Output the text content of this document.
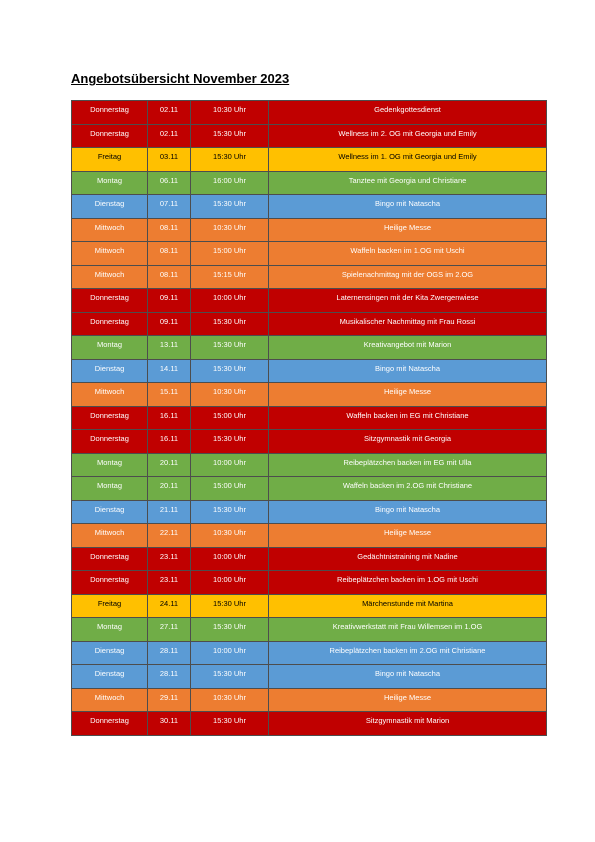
Angebotsübersicht November 2023
Donnerstag	02.11	10:30 Uhr	Gedenkgottesdienst
Donnerstag	02.11	15:30 Uhr	Wellness im 2. OG mit Georgia und Emily
Freitag	03.11	15:30 Uhr	Wellness im 1. OG mit Georgia und Emily
Montag	06.11	16:00 Uhr	Tanztee mit Georgia und Christiane
Dienstag	07.11	15:30 Uhr	Bingo mit Natascha
Mittwoch	08.11	10:30 Uhr	Heilige Messe
Mittwoch	08.11	15:00 Uhr	Waffeln backen im 1.OG mit Uschi
Mittwoch	08.11	15:15 Uhr	Spielenachmittag mit der OGS im 2.OG
Donnerstag	09.11	10:00 Uhr	Laternensingen mit der Kita Zwergenwiese
Donnerstag	09.11	15:30 Uhr	Musikalischer Nachmittag mit Frau Rossi
Montag	13.11	15:30 Uhr	Kreativangebot mit Marion
Dienstag	14.11	15:30 Uhr	Bingo mit Natascha
Mittwoch	15.11	10:30 Uhr	Heilige Messe
Donnerstag	16.11	15:00 Uhr	Waffeln backen im EG mit Christiane
Donnerstag	16.11	15:30 Uhr	Sitzgymnastik mit Georgia
Montag	20.11	10:00 Uhr	Reibeplätzchen backen im EG mit Ulla
Montag	20.11	15:00 Uhr	Waffeln backen im 2.OG mit Christiane
Dienstag	21.11	15:30 Uhr	Bingo mit Natascha
Mittwoch	22.11	10:30 Uhr	Heilige Messe
Donnerstag	23.11	10:00 Uhr	Gedächtnistraining mit Nadine
Donnerstag	23.11	10:00 Uhr	Reibeplätzchen backen im 1.OG mit Uschi
Freitag	24.11	15:30 Uhr	Märchenstunde mit Martina
Montag	27.11	15:30 Uhr	Kreativwerkstatt mit Frau Willemsen im 1.OG
Dienstag	28.11	10:00 Uhr	Reibeplätzchen backen im 2.OG mit Christiane
Dienstag	28.11	15:30 Uhr	Bingo mit Natascha
Mittwoch	29.11	10:30 Uhr	Heilige Messe
Donnerstag	30.11	15:30 Uhr	Sitzgymnastik mit Marion
